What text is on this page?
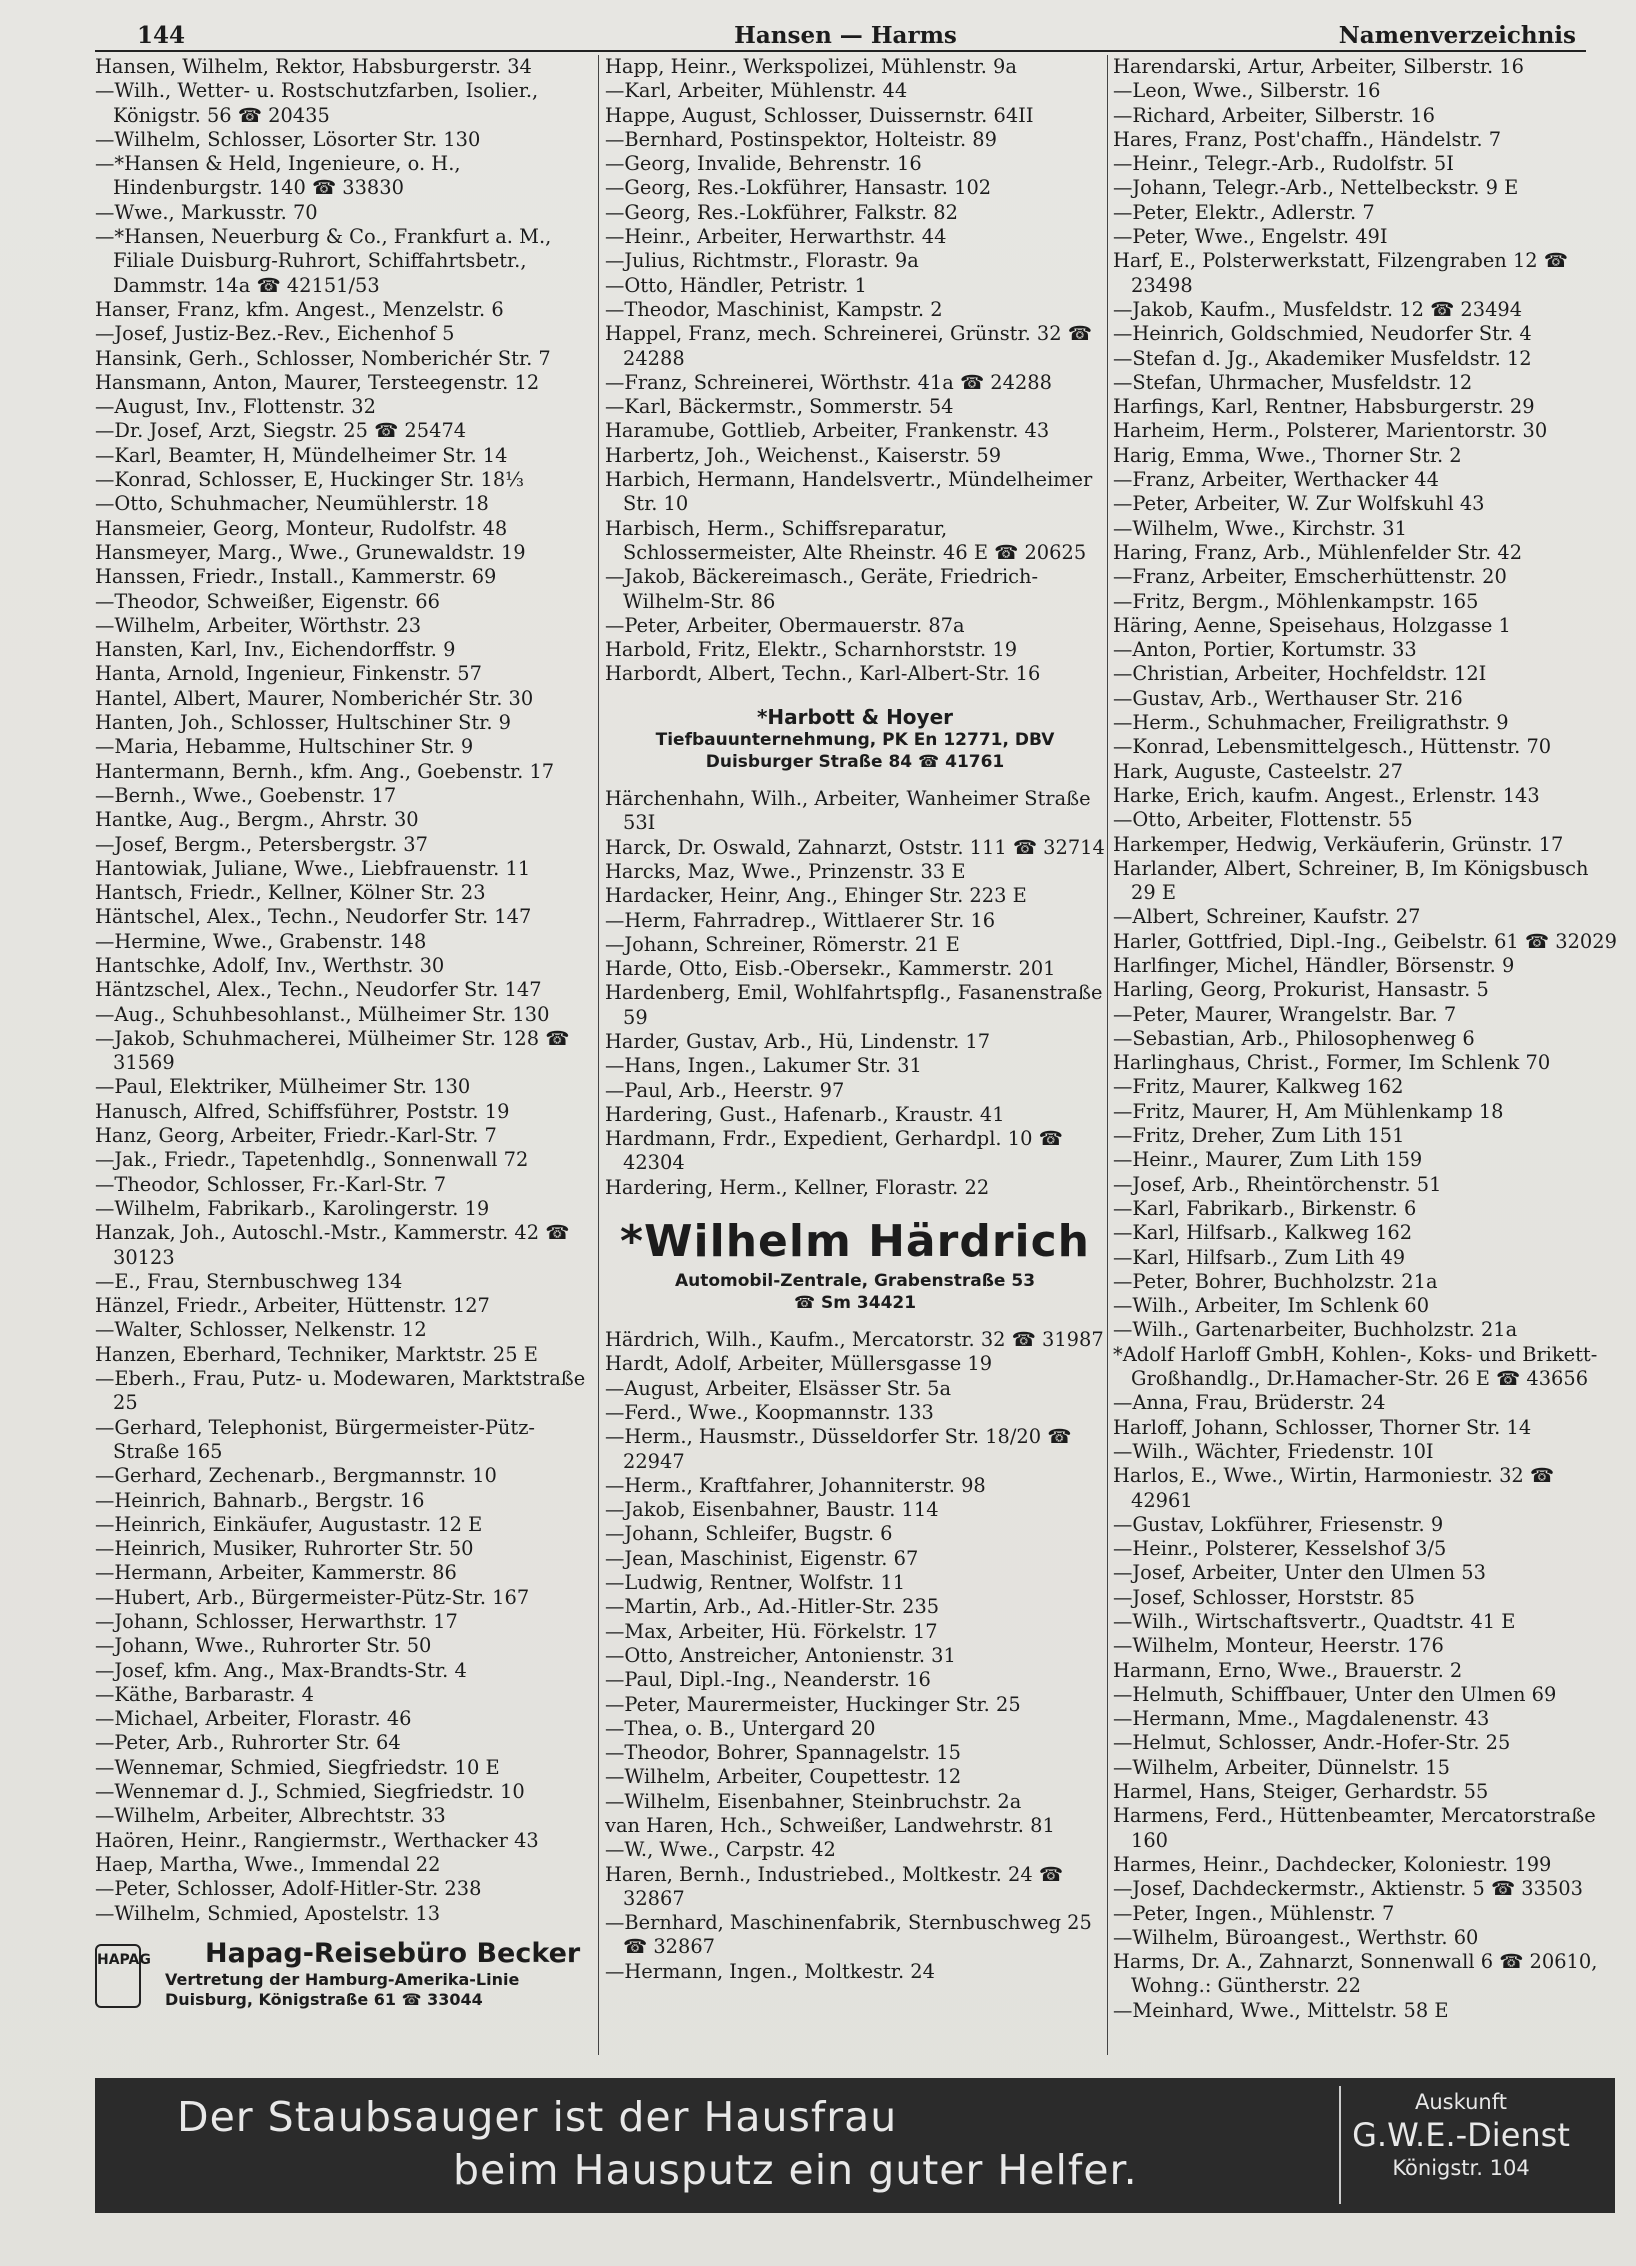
144	Hansen — Harms	Namenverzeichnis
Hansen, Wilhelm, Rektor, Habsburgerstr. 34
—Wilh., Wetter- u. Rostschutzfarben, Isolier., Königstr. 56 ☎ 20435
—Wilhelm, Schlosser, Lösorter Str. 130
—*Hansen & Held, Ingenieure, o. H., Hindenburgstr. 140 ☎ 33830
—Wwe., Markusstr. 70
—*Hansen, Neuerburg & Co., Frankfurt a. M., Filiale Duisburg-Ruhrort, Schiffahrtsbetr., Dammstr. 14a ☎ 42151/53
Hanser, Franz, kfm. Angest., Menzelstr. 6
—Josef, Justiz-Bez.-Rev., Eichenhof 5
Hansink, Gerh., Schlosser, Nomberichér Str. 7
Hansmann, Anton, Maurer, Tersteegenstr. 12
—August, Inv., Flottenstr. 32
—Dr. Josef, Arzt, Siegstr. 25 ☎ 25474
—Karl, Beamter, H, Mündelheimer Str. 14
—Konrad, Schlosser, E, Huckinger Str. 18⅓
—Otto, Schuhmacher, Neumühlerstr. 18
Hansmeier, Georg, Monteur, Rudolfstr. 48
Hansmeyer, Marg., Wwe., Grunewaldstr. 19
Hanssen, Friedr., Install., Kammerstr. 69
—Theodor, Schweißer, Eigenstr. 66
—Wilhelm, Arbeiter, Wörthstr. 23
Hansten, Karl, Inv., Eichendorffstr. 9
Hanta, Arnold, Ingenieur, Finkenstr. 57
Hantel, Albert, Maurer, Nomberichér Str. 30
Hanten, Joh., Schlosser, Hultschiner Str. 9
—Maria, Hebamme, Hultschiner Str. 9
Hantermann, Bernh., kfm. Ang., Goebenstr. 17
—Bernh., Wwe., Goebenstr. 17
Hantke, Aug., Bergm., Ahrstr. 30
—Josef, Bergm., Petersbergstr. 37
Hantowiak, Juliane, Wwe., Liebfrauenstr. 11
Hantsch, Friedr., Kellner, Kölner Str. 23
Häntschel, Alex., Techn., Neudorfer Str. 147
—Hermine, Wwe., Grabenstr. 148
Hantschke, Adolf, Inv., Werthstr. 30
Häntzschel, Alex., Techn., Neudorfer Str. 147
—Aug., Schuhbesohlanst., Mülheimer Str. 130
—Jakob, Schuhmacherei, Mülheimer Str. 128 ☎ 31569
—Paul, Elektriker, Mülheimer Str. 130
Hanusch, Alfred, Schiffsführer, Poststr. 19
Hanz, Georg, Arbeiter, Friedr.-Karl-Str. 7
—Jak., Friedr., Tapetenhdlg., Sonnenwall 72
—Theodor, Schlosser, Fr.-Karl-Str. 7
—Wilhelm, Fabrikarb., Karolingerstr. 19
Hanzak, Joh., Autoschl.-Mstr., Kammerstr. 42 ☎ 30123
—E., Frau, Sternbuschweg 134
Hänzel, Friedr., Arbeiter, Hüttenstr. 127
—Walter, Schlosser, Nelkenstr. 12
Hanzen, Eberhard, Techniker, Marktstr. 25 E
—Eberh., Frau, Putz- u. Modewaren, Marktstraße 25
—Gerhard, Telephonist, Bürgermeister-Pütz-Straße 165
—Gerhard, Zechenarb., Bergmannstr. 10
—Heinrich, Bahnarb., Bergstr. 16
—Heinrich, Einkäufer, Augustastr. 12 E
—Heinrich, Musiker, Ruhrorter Str. 50
—Hermann, Arbeiter, Kammerstr. 86
—Hubert, Arb., Bürgermeister-Pütz-Str. 167
—Johann, Schlosser, Herwarthstr. 17
—Johann, Wwe., Ruhrorter Str. 50
—Josef, kfm. Ang., Max-Brandts-Str. 4
—Käthe, Barbarastr. 4
—Michael, Arbeiter, Florastr. 46
—Peter, Arb., Ruhrorter Str. 64
—Wennemar, Schmied, Siegfriedstr. 10 E
—Wennemar d. J., Schmied, Siegfriedstr. 10
—Wilhelm, Arbeiter, Albrechtstr. 33
Haören, Heinr., Rangiermstr., Werthacker 43
Haep, Martha, Wwe., Immendal 22
—Peter, Schlosser, Adolf-Hitler-Str. 238
—Wilhelm, Schmied, Apostelstr. 13
HAPAG	Hapag-Reisebüro Becker
Vertretung der Hamburg-Amerika-Linie
Duisburg, Königstraße 61 ☎ 33044
Happ, Heinr., Werkspolizei, Mühlenstr. 9a
—Karl, Arbeiter, Mühlenstr. 44
Happe, August, Schlosser, Duissernstr. 64II
—Bernhard, Postinspektor, Holteistr. 89
—Georg, Invalide, Behrenstr. 16
—Georg, Res.-Lokführer, Hansastr. 102
—Georg, Res.-Lokführer, Falkstr. 82
—Heinr., Arbeiter, Herwarthstr. 44
—Julius, Richtmstr., Florastr. 9a
—Otto, Händler, Petristr. 1
—Theodor, Maschinist, Kampstr. 2
Happel, Franz, mech. Schreinerei, Grünstr. 32 ☎ 24288
—Franz, Schreinerei, Wörthstr. 41a ☎ 24288
—Karl, Bäckermstr., Sommerstr. 54
Haramube, Gottlieb, Arbeiter, Frankenstr. 43
Harbertz, Joh., Weichenst., Kaiserstr. 59
Harbich, Hermann, Handelsvertr., Mündelheimer Str. 10
Harbisch, Herm., Schiffsreparatur, Schlossermeister, Alte Rheinstr. 46 E ☎ 20625
—Jakob, Bäckereimasch., Geräte, Friedrich-Wilhelm-Str. 86
—Peter, Arbeiter, Obermauerstr. 87a
Harbold, Fritz, Elektr., Scharnhorststr. 19
Harbordt, Albert, Techn., Karl-Albert-Str. 16
*Harbott & Hoyer
Tiefbauunternehmung, PK En 12771, DBV
Duisburger Straße 84 ☎ 41761
Härchenhahn, Wilh., Arbeiter, Wanheimer Straße 53I
Harck, Dr. Oswald, Zahnarzt, Oststr. 111 ☎ 32714
Harcks, Maz, Wwe., Prinzenstr. 33 E
Hardacker, Heinr, Ang., Ehinger Str. 223 E
—Herm, Fahrradrep., Wittlaerer Str. 16
—Johann, Schreiner, Römerstr. 21 E
Harde, Otto, Eisb.-Obersekr., Kammerstr. 201
Hardenberg, Emil, Wohlfahrtspflg., Fasanenstraße 59
Harder, Gustav, Arb., Hü, Lindenstr. 17
—Hans, Ingen., Lakumer Str. 31
—Paul, Arb., Heerstr. 97
Hardering, Gust., Hafenarb., Kraustr. 41
Hardmann, Frdr., Expedient, Gerhardpl. 10 ☎ 42304
Hardering, Herm., Kellner, Florastr. 22
*Wilhelm Härdrich
Automobil-Zentrale, Grabenstraße 53
☎ Sm 34421
Härdrich, Wilh., Kaufm., Mercatorstr. 32 ☎ 31987
Hardt, Adolf, Arbeiter, Müllersgasse 19
—August, Arbeiter, Elsässer Str. 5a
—Ferd., Wwe., Koopmannstr. 133
—Herm., Hausmstr., Düsseldorfer Str. 18/20 ☎ 22947
—Herm., Kraftfahrer, Johanniterstr. 98
—Jakob, Eisenbahner, Baustr. 114
—Johann, Schleifer, Bugstr. 6
—Jean, Maschinist, Eigenstr. 67
—Ludwig, Rentner, Wolfstr. 11
—Martin, Arb., Ad.-Hitler-Str. 235
—Max, Arbeiter, Hü. Förkelstr. 17
—Otto, Anstreicher, Antonienstr. 31
—Paul, Dipl.-Ing., Neanderstr. 16
—Peter, Maurermeister, Huckinger Str. 25
—Thea, o. B., Untergard 20
—Theodor, Bohrer, Spannagelstr. 15
—Wilhelm, Arbeiter, Coupettestr. 12
—Wilhelm, Eisenbahner, Steinbruchstr. 2a
van Haren, Hch., Schweißer, Landwehrstr. 81
—W., Wwe., Carpstr. 42
Haren, Bernh., Industriebed., Moltkestr. 24 ☎ 32867
—Bernhard, Maschinenfabrik, Sternbuschweg 25 ☎ 32867
—Hermann, Ingen., Moltkestr. 24
Harendarski, Artur, Arbeiter, Silberstr. 16
—Leon, Wwe., Silberstr. 16
—Richard, Arbeiter, Silberstr. 16
Hares, Franz, Post'chaffn., Händelstr. 7
—Heinr., Telegr.-Arb., Rudolfstr. 5I
—Johann, Telegr.-Arb., Nettelbeckstr. 9 E
—Peter, Elektr., Adlerstr. 7
—Peter, Wwe., Engelstr. 49I
Harf, E., Polsterwerkstatt, Filzengraben 12 ☎ 23498
—Jakob, Kaufm., Musfeldstr. 12 ☎ 23494
—Heinrich, Goldschmied, Neudorfer Str. 4
—Stefan d. Jg., Akademiker Musfeldstr. 12
—Stefan, Uhrmacher, Musfeldstr. 12
Harfings, Karl, Rentner, Habsburgerstr. 29
Harheim, Herm., Polsterer, Marientorstr. 30
Harig, Emma, Wwe., Thorner Str. 2
—Franz, Arbeiter, Werthacker 44
—Peter, Arbeiter, W. Zur Wolfskuhl 43
—Wilhelm, Wwe., Kirchstr. 31
Haring, Franz, Arb., Mühlenfelder Str. 42
—Franz, Arbeiter, Emscherhüttenstr. 20
—Fritz, Bergm., Möhlenkampstr. 165
Häring, Aenne, Speisehaus, Holzgasse 1
—Anton, Portier, Kortumstr. 33
—Christian, Arbeiter, Hochfeldstr. 12I
—Gustav, Arb., Werthauser Str. 216
—Herm., Schuhmacher, Freiligrathstr. 9
—Konrad, Lebensmittelgesch., Hüttenstr. 70
Hark, Auguste, Casteelstr. 27
Harke, Erich, kaufm. Angest., Erlenstr. 143
—Otto, Arbeiter, Flottenstr. 55
Harkemper, Hedwig, Verkäuferin, Grünstr. 17
Harlander, Albert, Schreiner, B, Im Königsbusch 29 E
—Albert, Schreiner, Kaufstr. 27
Harler, Gottfried, Dipl.-Ing., Geibelstr. 61 ☎ 32029
Harlfinger, Michel, Händler, Börsenstr. 9
Harling, Georg, Prokurist, Hansastr. 5
—Peter, Maurer, Wrangelstr. Bar. 7
—Sebastian, Arb., Philosophenweg 6
Harlinghaus, Christ., Former, Im Schlenk 70
—Fritz, Maurer, Kalkweg 162
—Fritz, Maurer, H, Am Mühlenkamp 18
—Fritz, Dreher, Zum Lith 151
—Heinr., Maurer, Zum Lith 159
—Josef, Arb., Rheintörchenstr. 51
—Karl, Fabrikarb., Birkenstr. 6
—Karl, Hilfsarb., Kalkweg 162
—Karl, Hilfsarb., Zum Lith 49
—Peter, Bohrer, Buchholzstr. 21a
—Wilh., Arbeiter, Im Schlenk 60
—Wilh., Gartenarbeiter, Buchholzstr. 21a
*Adolf Harloff GmbH, Kohlen-, Koks- und Brikett-Großhandlg., Dr.Hamacher-Str. 26 E ☎ 43656
—Anna, Frau, Brüderstr. 24
Harloff, Johann, Schlosser, Thorner Str. 14
—Wilh., Wächter, Friedenstr. 10I
Harlos, E., Wwe., Wirtin, Harmoniestr. 32 ☎ 42961
—Gustav, Lokführer, Friesenstr. 9
—Heinr., Polsterer, Kesselshof 3/5
—Josef, Arbeiter, Unter den Ulmen 53
—Josef, Schlosser, Horststr. 85
—Wilh., Wirtschaftsvertr., Quadtstr. 41 E
—Wilhelm, Monteur, Heerstr. 176
Harmann, Erno, Wwe., Brauerstr. 2
—Helmuth, Schiffbauer, Unter den Ulmen 69
—Hermann, Mme., Magdalenenstr. 43
—Helmut, Schlosser, Andr.-Hofer-Str. 25
—Wilhelm, Arbeiter, Dünnelstr. 15
Harmel, Hans, Steiger, Gerhardstr. 55
Harmens, Ferd., Hüttenbeamter, Mercatorstraße 160
Harmes, Heinr., Dachdecker, Koloniestr. 199
—Josef, Dachdeckermstr., Aktienstr. 5 ☎ 33503
—Peter, Ingen., Mühlenstr. 7
—Wilhelm, Büroangest., Werthstr. 60
Harms, Dr. A., Zahnarzt, Sonnenwall 6 ☎ 20610, Wohng.: Güntherstr. 22
—Meinhard, Wwe., Mittelstr. 58 E
Der Staubsauger ist der Hausfrau
beim Hausputz ein guter Helfer.
Auskunft
G.W.E.-Dienst
Königstr. 104
